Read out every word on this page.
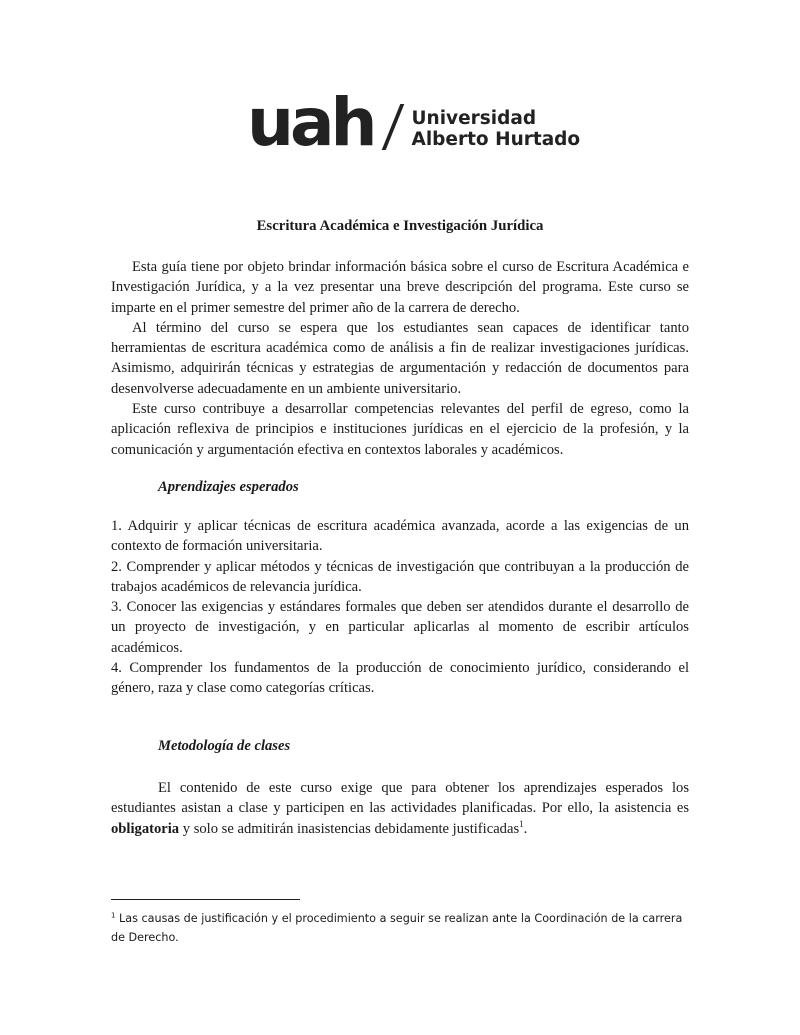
uah Universidad
Alberto Hurtado
Escritura Académica e Investigación Jurídica

Esta guía tiene por objeto brindar información básica sobre el curso de Escritura Académica e Investigación Jurídica, y a la vez presentar una breve descripción del programa. Este curso se imparte en el primer semestre del primer año de la carrera de derecho.

Al término del curso se espera que los estudiantes sean capaces de identificar tanto herramientas de escritura académica como de análisis a fin de realizar investigaciones jurídicas. Asimismo, adquirirán técnicas y estrategias de argumentación y redacción de documentos para desenvolverse adecuadamente en un ambiente universitario.

Este curso contribuye a desarrollar competencias relevantes del perfil de egreso, como la aplicación reflexiva de principios e instituciones jurídicas en el ejercicio de la profesión, y la comunicación y argumentación efectiva en contextos laborales y académicos.

Aprendizajes esperados

1. Adquirir y aplicar técnicas de escritura académica avanzada, acorde a las exigencias de un contexto de formación universitaria.

2. Comprender y aplicar métodos y técnicas de investigación que contribuyan a la producción de trabajos académicos de relevancia jurídica.

3. Conocer las exigencias y estándares formales que deben ser atendidos durante el desarrollo de un proyecto de investigación, y en particular aplicarlas al momento de escribir artículos académicos.

4. Comprender los fundamentos de la producción de conocimiento jurídico, considerando el género, raza y clase como categorías críticas.

Metodología de clases

El contenido de este curso exige que para obtener los aprendizajes esperados los estudiantes asistan a clase y participen en las actividades planificadas. Por ello, la asistencia es obligatoria y solo se admitirán inasistencias debidamente justificadas$^1$.

$^1$ Las causas de justificación y el procedimiento a seguir se realizan ante la Coordinación de la carrera de Derecho.
